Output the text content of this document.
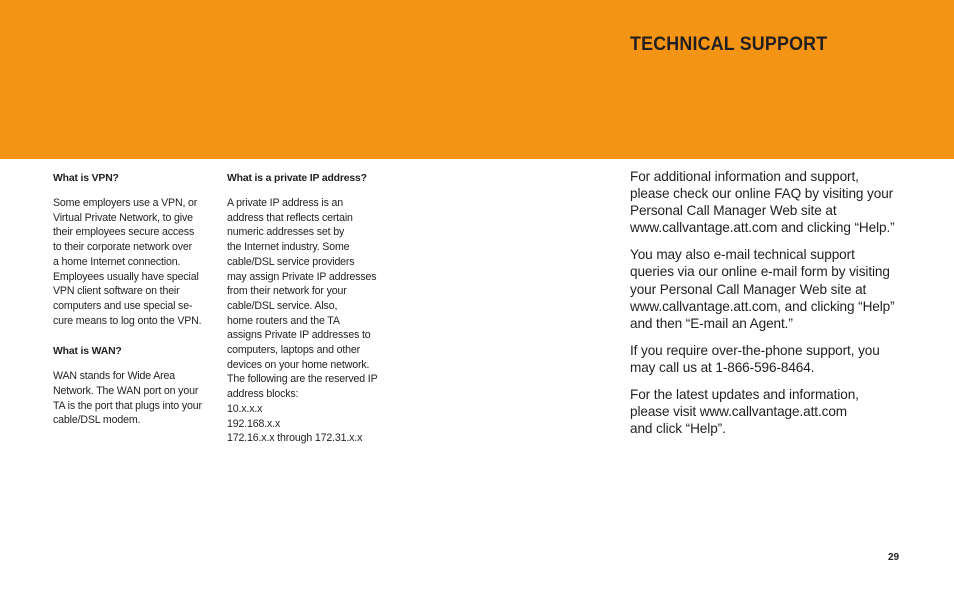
TECHNICAL SUPPORT
What is VPN?
Some employers use a VPN, or
Virtual Private Network, to give
their employees secure access
to their corporate network over
a home Internet connection.
Employees usually have special
VPN client software on their
computers and use special se-
cure means to log onto the VPN.
What is WAN?
WAN stands for Wide Area
Network. The WAN port on your
TA is the port that plugs into your
cable/DSL modem.
What is a private IP address?
A private IP address is an
address that reflects certain
numeric addresses set by
the Internet industry. Some
cable/DSL service providers
may assign Private IP addresses
from their network for your
cable/DSL service. Also,
home routers and the TA
assigns Private IP addresses to
computers, laptops and other
devices on your home network.
The following are the reserved IP
address blocks:
10.x.x.x
192.168.x.x
172.16.x.x through 172.31.x.x
For additional information and support,
please check our online FAQ by visiting your
Personal Call Manager Web site at
www.callvantage.att.com and clicking “Help.”
You may also e-mail technical support
queries via our online e-mail form by visiting
your Personal Call Manager Web site at
www.callvantage.att.com, and clicking “Help”
and then “E-mail an Agent.”
If you require over-the-phone support, you
may call us at 1-866-596-8464.
For the latest updates and information,
please visit www.callvantage.att.com
and click “Help”.
29
